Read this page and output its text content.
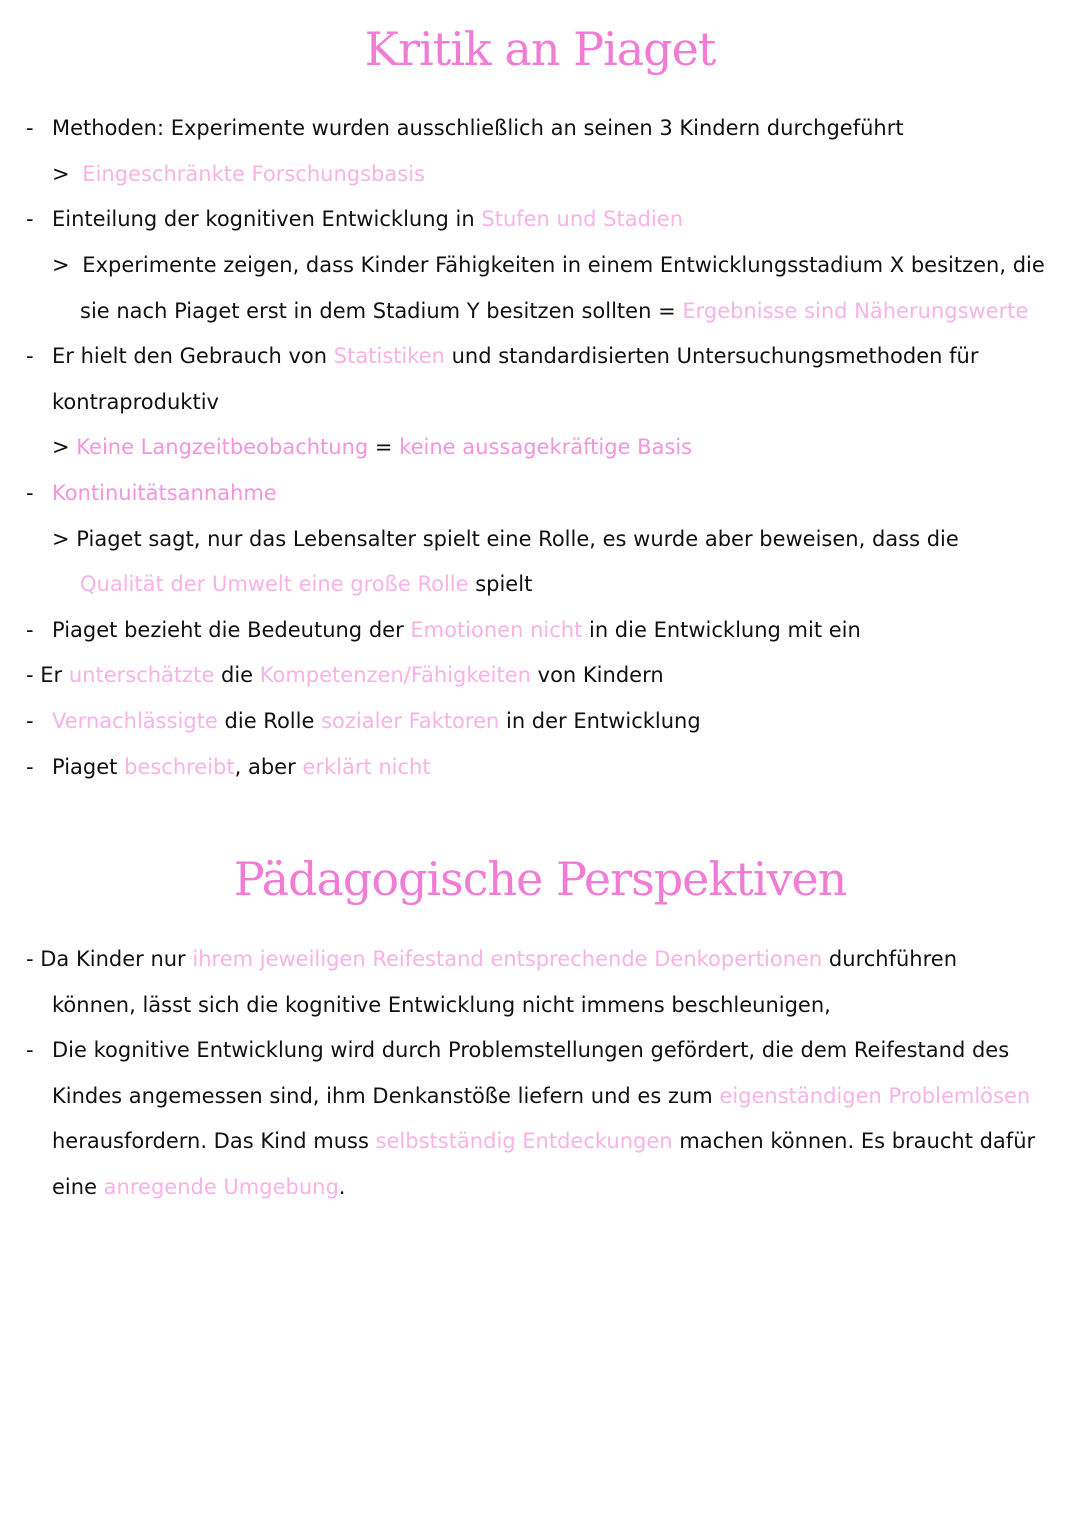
Kritik an Piaget
- Methoden: Experimente wurden ausschließlich an seinen 3 Kindern durchgeführt
> Eingeschränkte Forschungsbasis
- Einteilung der kognitiven Entwicklung in Stufen und Stadien
> Experimente zeigen, dass Kinder Fähigkeiten in einem Entwicklungsstadium X besitzen, die
sie nach Piaget erst in dem Stadium Y besitzen sollten = Ergebnisse sind Näherungswerte
- Er hielt den Gebrauch von Statistiken und standardisierten Untersuchungsmethoden für
kontraproduktiv
> Keine Langzeitbeobachtung = keine aussagekräftige Basis
- Kontinuitätsannahme
> Piaget sagt, nur das Lebensalter spielt eine Rolle, es wurde aber beweisen, dass die
Qualität der Umwelt eine große Rolle spielt
- Piaget bezieht die Bedeutung der Emotionen nicht in die Entwicklung mit ein
- Er unterschätzte die Kompetenzen/Fähigkeiten von Kindern
- Vernachlässigte die Rolle sozialer Faktoren in der Entwicklung
- Piaget beschreibt, aber erklärt nicht
Pädagogische Perspektiven
- Da Kinder nur ihrem jeweiligen Reifestand entsprechende Denkopertionen durchführen
können, lässt sich die kognitive Entwicklung nicht immens beschleunigen,
- Die kognitive Entwicklung wird durch Problemstellungen gefördert, die dem Reifestand des
Kindes angemessen sind, ihm Denkanstöße liefern und es zum eigenständigen Problemlösen
herausfordern. Das Kind muss selbstständig Entdeckungen machen können. Es braucht dafür
eine anregende Umgebung.
